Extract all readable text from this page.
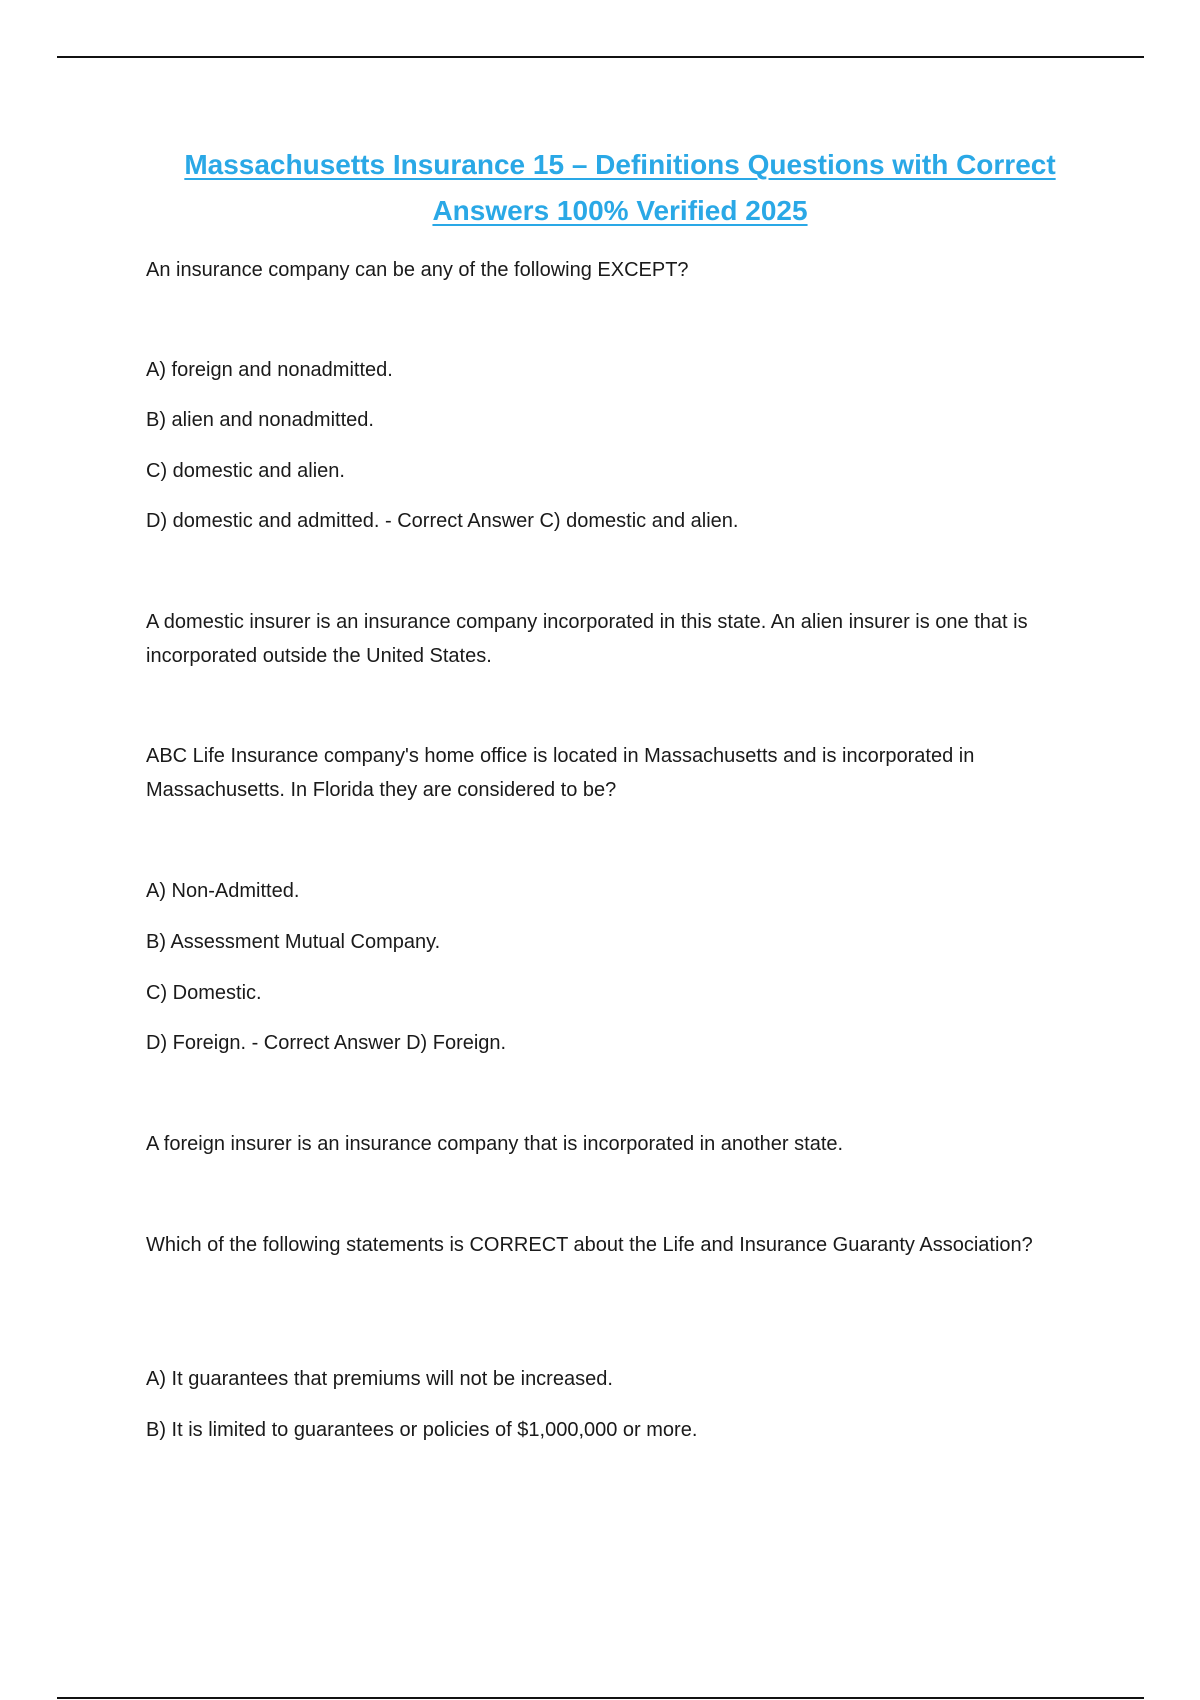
Massachusetts Insurance 15 – Definitions Questions with Correct
Answers 100% Verified 2025

An insurance company can be any of the following EXCEPT?

A) foreign and nonadmitted.

B) alien and nonadmitted.

C) domestic and alien.

D) domestic and admitted. - Correct Answer C) domestic and alien.

A domestic insurer is an insurance company incorporated in this state. An alien insurer is one that is incorporated outside the United States.

ABC Life Insurance company's home office is located in Massachusetts and is incorporated in Massachusetts. In Florida they are considered to be?

A) Non-Admitted.

B) Assessment Mutual Company.

C) Domestic.

D) Foreign. - Correct Answer D) Foreign.

A foreign insurer is an insurance company that is incorporated in another state.

Which of the following statements is CORRECT about the Life and Insurance Guaranty Association?

A) It guarantees that premiums will not be increased.

B) It is limited to guarantees or policies of $1,000,000 or more.
